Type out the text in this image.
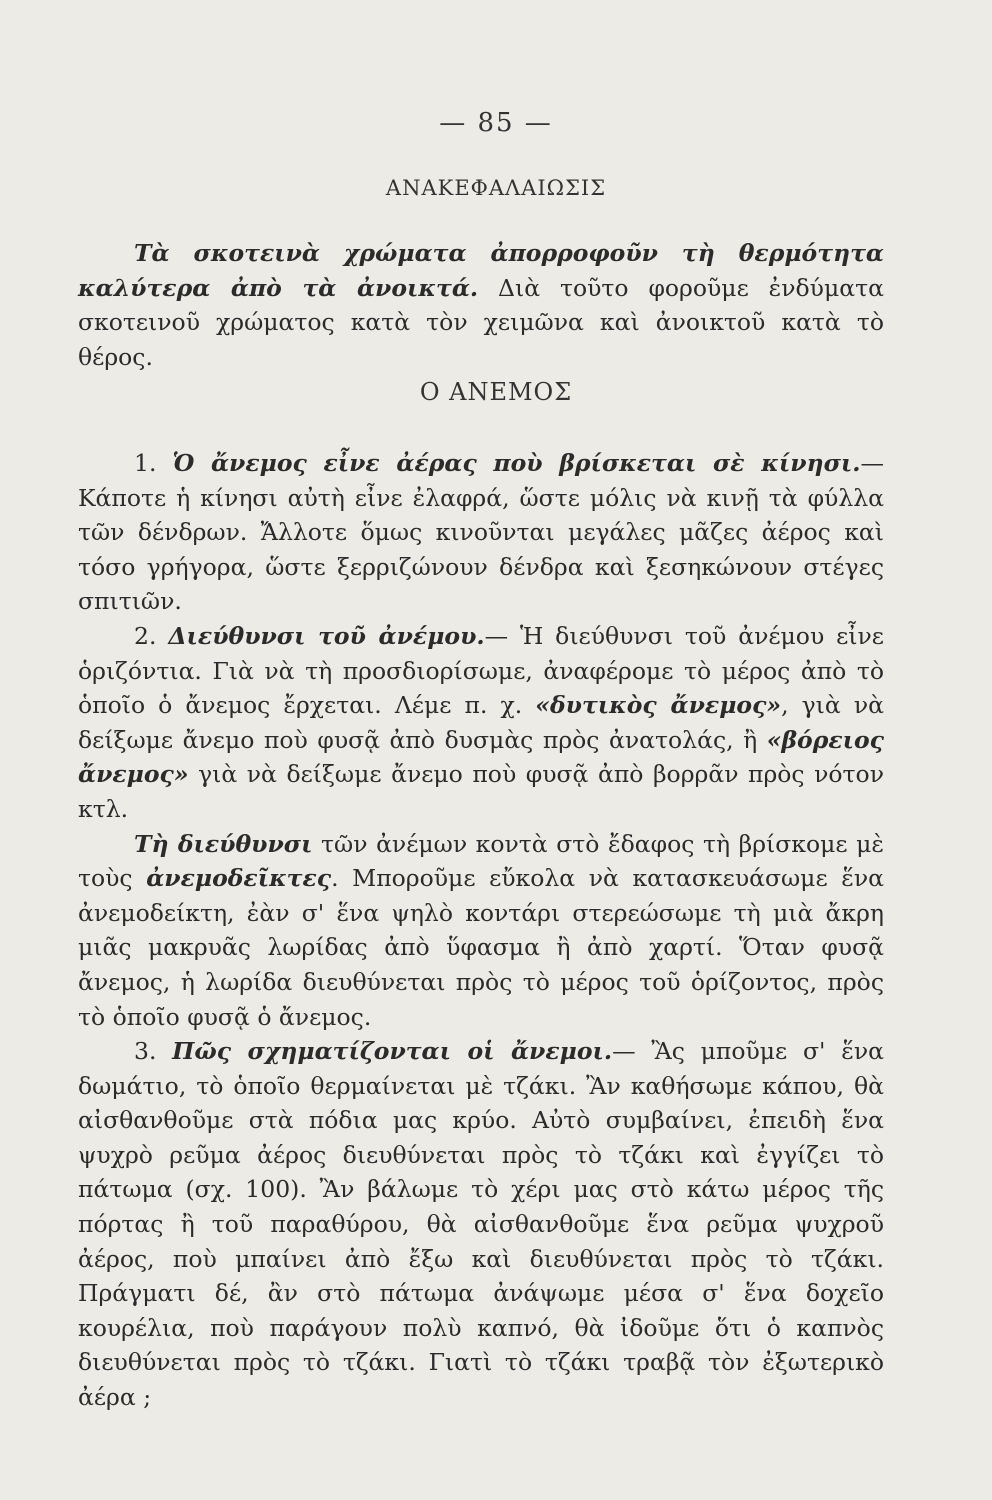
— 85 —
ΑΝΑΚΕΦΑΛΑΙΩΣΙΣ

Τὰ σκοτεινὰ χρώματα ἀπορροφοῦν τὴ θερμότητα καλύτερα ἀπὸ τὰ ἀνοικτά. Διὰ τοῦτο φοροῦμε ἐνδύματα σκοτεινοῦ χρώματος κατὰ τὸν χειμῶνα καὶ ἀνοικτοῦ κατὰ τὸ θέρος.

Ο ΑΝΕΜΟΣ

1. Ὁ ἄνεμος εἶνε ἀέρας ποὺ βρίσκεται σὲ κίνησι.— Κάποτε ἡ κίνησι αὐτὴ εἶνε ἐλαφρά, ὥστε μόλις νὰ κινῇ τὰ φύλλα τῶν δένδρων. Ἄλλοτε ὅμως κινοῦνται μεγάλες μᾶζες ἀέρος καὶ τόσο γρήγορα, ὥστε ξερριζώνουν δένδρα καὶ ξεσηκώνουν στέγες σπιτιῶν.

2. Διεύθυνσι τοῦ ἀνέμου.— Ἡ διεύθυνσι τοῦ ἀνέμου εἶνε ὁριζόντια. Γιὰ νὰ τὴ προσδιορίσωμε, ἀναφέρομε τὸ μέρος ἀπὸ τὸ ὁποῖο ὁ ἄνεμος ἔρχεται. Λέμε π. χ. «δυτικὸς ἄνεμος», γιὰ νὰ δείξωμε ἄνεμο ποὺ φυσᾷ ἀπὸ δυσμὰς πρὸς ἀνατολάς, ἢ «βόρειος ἄνεμος» γιὰ νὰ δείξωμε ἄνεμο ποὺ φυσᾷ ἀπὸ βορρᾶν πρὸς νότον κτλ.

Τὴ διεύθυνσι τῶν ἀνέμων κοντὰ στὸ ἔδαφος τὴ βρίσκομε μὲ τοὺς ἀνεμοδεῖκτες. Μποροῦμε εὔκολα νὰ κατασκευάσωμε ἕνα ἀνεμοδείκτη, ἐὰν σ' ἕνα ψηλὸ κοντάρι στερεώσωμε τὴ μιὰ ἄκρη μιᾶς μακρυᾶς λωρίδας ἀπὸ ὕφασμα ἢ ἀπὸ χαρτί. Ὅταν φυσᾷ ἄνεμος, ἡ λωρίδα διευθύνεται πρὸς τὸ μέρος τοῦ ὁρίζοντος, πρὸς τὸ ὁποῖο φυσᾷ ὁ ἄνεμος.

3. Πῶς σχηματίζονται οἱ ἄνεμοι.— Ἂς μποῦμε σ' ἕνα δωμάτιο, τὸ ὁποῖο θερμαίνεται μὲ τζάκι. Ἂν καθήσωμε κάπου, θὰ αἰσθανθοῦμε στὰ πόδια μας κρύο. Αὐτὸ συμβαίνει, ἐπειδὴ ἕνα ψυχρὸ ρεῦμα ἀέρος διευθύνεται πρὸς τὸ τζάκι καὶ ἐγγίζει τὸ πάτωμα (σχ. 100). Ἂν βάλωμε τὸ χέρι μας στὸ κάτω μέρος τῆς πόρτας ἢ τοῦ παραθύρου, θὰ αἰσθανθοῦμε ἕνα ρεῦμα ψυχροῦ ἀέρος, ποὺ μπαίνει ἀπὸ ἔξω καὶ διευθύνεται πρὸς τὸ τζάκι. Πράγματι δέ, ἂν στὸ πάτωμα ἀνάψωμε μέσα σ' ἕνα δοχεῖο κουρέλια, ποὺ παράγουν πολὺ καπνό, θὰ ἰδοῦμε ὅτι ὁ καπνὸς διευθύνεται πρὸς τὸ τζάκι. Γιατὶ τὸ τζάκι τραβᾷ τὸν ἐξωτερικὸ ἀέρα ;
